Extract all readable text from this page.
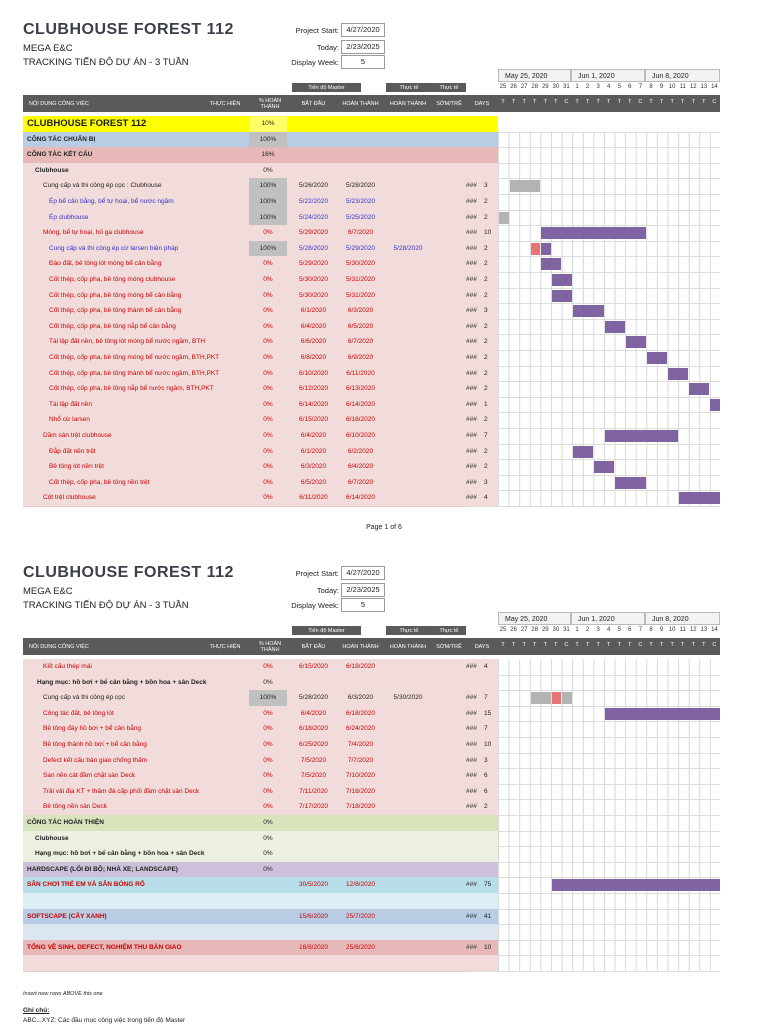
CLUBHOUSE FOREST 112
MEGA E&C
TRACKING TIẾN ĐỘ DỰ ÁN - 3 TUẦN
Project Start: 4/27/2020
Today: 2/23/2025
Display Week:	5
May 25, 2020	Jun 1, 2020	Jun 8, 2020
25 26 27 28 29 30 31 1	2	3	4	5	6	7	8	9 10 11 12 13 14
Tiến độ Master	Thực tế	Thực tế
NỘI DUNG CÔNG VIỆC	THỰC HIỆN	% HOÀN THÀNH	BẮT ĐẦU	HOÀN THÀNH	HOÀN THÀNH	SỚM/TRỄ	DAYS	T	T	T	T	T	T	C	T	T	T	T	T	T	C	T	T	T	T	T	T	C
CLUBHOUSE FOREST 112	10%
CÔNG TÁC CHUẨN BỊ	100%
CÔNG TÁC KẾT CẤU	16%
Clubhouse	0%
Cung cấp và thi công ép cọc : Clubhouse	100%	5/26/2020	5/28/2020	### 3
Ép bể cân bằng, bể tự hoại, bể nước ngầm	100%	5/22/2020	5/23/2020	### 2
Ép clubhouse	100%	5/24/2020	5/25/2020	### 2
Móng, bể tự hoại, hố ga clubhouse	0%	5/29/2020	6/7/2020	### 10
Cung cấp và thi công ép cừ larsen biện pháp	100%	5/28/2020	5/29/2020	5/28/2020	### 2
Đào đất, bê tông lót móng bể cân bằng	0%	5/29/2020	5/30/2020	### 2
Cốt thép, cốp pha, bê tông móng clubhouse	0%	5/30/2020	5/31/2020	### 2
Cốt thép, cốp pha, bê tông móng bể cân bằng	0%	5/30/2020	5/31/2020	### 2
Cốt thép, cốp pha, bê tông thành bể cân bằng	0%	6/1/2020	6/3/2020	### 3
Cốt thép, cốp pha, bê tông nắp bể cân bằng	0%	6/4/2020	6/5/2020	### 2
Tái lập đất nền, bê tông lót móng bể nước ngầm, BTH	0%	6/6/2020	6/7/2020	### 2
Cốt thép, cốp pha, bê tông móng bể nước ngầm, BTH,PKT	0%	6/8/2020	6/9/2020	### 2
Cốt thép, cốp pha, bê tông thành bể nước ngầm, BTH,PKT	0%	6/10/2020	6/11/2020	### 2
Cốt thép, cốp pha, bê tông nắp bể nước ngầm, BTH,PKT	0%	6/12/2020	6/13/2020	### 2
Tái lập đất nền	0%	6/14/2020	6/14/2020	### 1
Nhổ cừ larsen	0%	6/15/2020	6/16/2020	### 2
Dầm sàn trệt clubhouse	0%	6/4/2020	6/10/2020	### 7
Đắp đất nền trệt	0%	6/1/2020	6/2/2020	### 2
Bê tông lót nền trệt	0%	6/3/2020	6/4/2020	### 2
Cốt thép, cốp pha, bê tông nền trệt	0%	6/5/2020	6/7/2020	### 3
Cột trệt clubhouse	0%	6/11/2020	6/14/2020	### 4
Page 1 of 6
CLUBHOUSE FOREST 112
MEGA E&C
TRACKING TIẾN ĐỘ DỰ ÁN - 3 TUẦN
Project Start: 4/27/2020
Today: 2/23/2025
Display Week:	5
May 25, 2020	Jun 1, 2020	Jun 8, 2020
25 26 27 28 29 30 31 1	2	3	4	5	6	7	8	9 10 11 12 13 14
Tiến độ Master	Thực tế	Thực tế
NỘI DUNG CÔNG VIỆC	THỰC HIỆN	% HOÀN THÀNH	BẮT ĐẦU	HOÀN THÀNH	HOÀN THÀNH	SỚM/TRỄ	DAYS	T	T	T	T	T	T	C	T	T	T	T	T	T	C	T	T	T	T	T	T	C
Kết cấu thép mái	0%	6/15/2020	6/18/2020	### 4
Hạng mục: hồ bơi + bể cân bằng + bồn hoa + sân Deck	0%
Cung cấp và thi công ép cọc	100%	5/28/2020	6/3/2020	5/30/2020	### 7
Công tác đất, bê tông lót	0%	6/4/2020	6/18/2020	### 15
Bê tông đáy hồ bơi + bể cân bằng	0%	6/18/2020	6/24/2020	### 7
Bê tông thành hồ bơi + bể cân bằng	0%	6/25/2020	7/4/2020	### 10
Defect kết cấu bàn giao chống thấm	0%	7/5/2020	7/7/2020	### 3
San nền cát đầm chặt sàn Deck	0%	7/5/2020	7/10/2020	### 6
Trải vải địa KT + thảm đá cấp phối đầm chặt sàn Deck	0%	7/11/2020	7/16/2020	### 6
Bê tông nền sàn Deck	0%	7/17/2020	7/18/2020	### 2
CÔNG TÁC HOÀN THIỆN	0%
Clubhouse	0%
Hạng mục: hồ bơi + bể cân bằng + bồn hoa + sân Deck	0%
HARDSCAPE (LỐI ĐI BỘ; NHÀ XE; LANDSCAPE)	0%
SÂN CHƠI TRẺ EM VÀ SÂN BÓNG RỔ	30/5/2020	12/8/2020	### 75
SOFTSCAPE (CÂY XANH)	15/6/2020	25/7/2020	### 41
TỔNG VỆ SINH, DEFECT, NGHIỆM THU BÀN GIAO	16/8/2020	25/8/2020	### 10
Insert new rows ABOVE this one
Ghi chú:
ABC...XYZ: Các đầu mục công việc trong tiến độ Master
